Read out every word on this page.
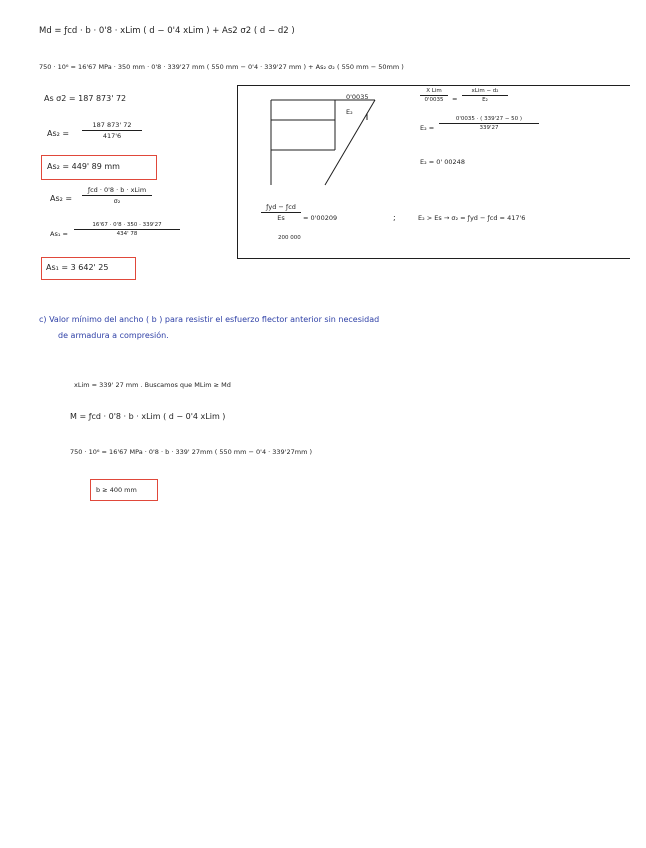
Md = ƒcd · b · 0'8 · xLim ( d − 0'4 xLim ) + As2 σ2 ( d − d2 )
750 · 10⁶ = 16'67 MPa · 350 mm · 0'8 · 339'27 mm ( 550 mm − 0'4 · 339'27 mm ) + As₂ σ₂ ( 550 mm − 50mm )
As σ2 = 187 873' 72
As₂ =
187 873' 72
417'6
As₂ = 449' 89 mm
As₂ =
ƒcd · 0'8 · b · xLim
σ₂
As₁ =
16'67 · 0'8 · 350 · 339'27
434' 78
As₁ = 3 642' 25
0'0035
E₂
X Lim
0'0035	=
xLim − d₂
E₂
E₂ =
0'0035 · ( 339'27 − 50 )
339'27
E₂ = 0' 00248
ƒyd − ƒcd
Es	= 0'00209
200 000
;	E₂ > Es → σ₂ = ƒyd − ƒcd = 417'6
c) Valor mínimo del ancho ( b ) para resistir el esfuerzo flector anterior sin necesidad
de armadura a compresión.
xLim = 339' 27 mm . Buscamos que MLim ≥ Md
M = ƒcd · 0'8 · b · xLim ( d − 0'4 xLim )
750 · 10⁶ = 16'67 MPa · 0'8 · b · 339' 27mm ( 550 mm − 0'4 · 339'27mm )
b ≥ 400 mm
